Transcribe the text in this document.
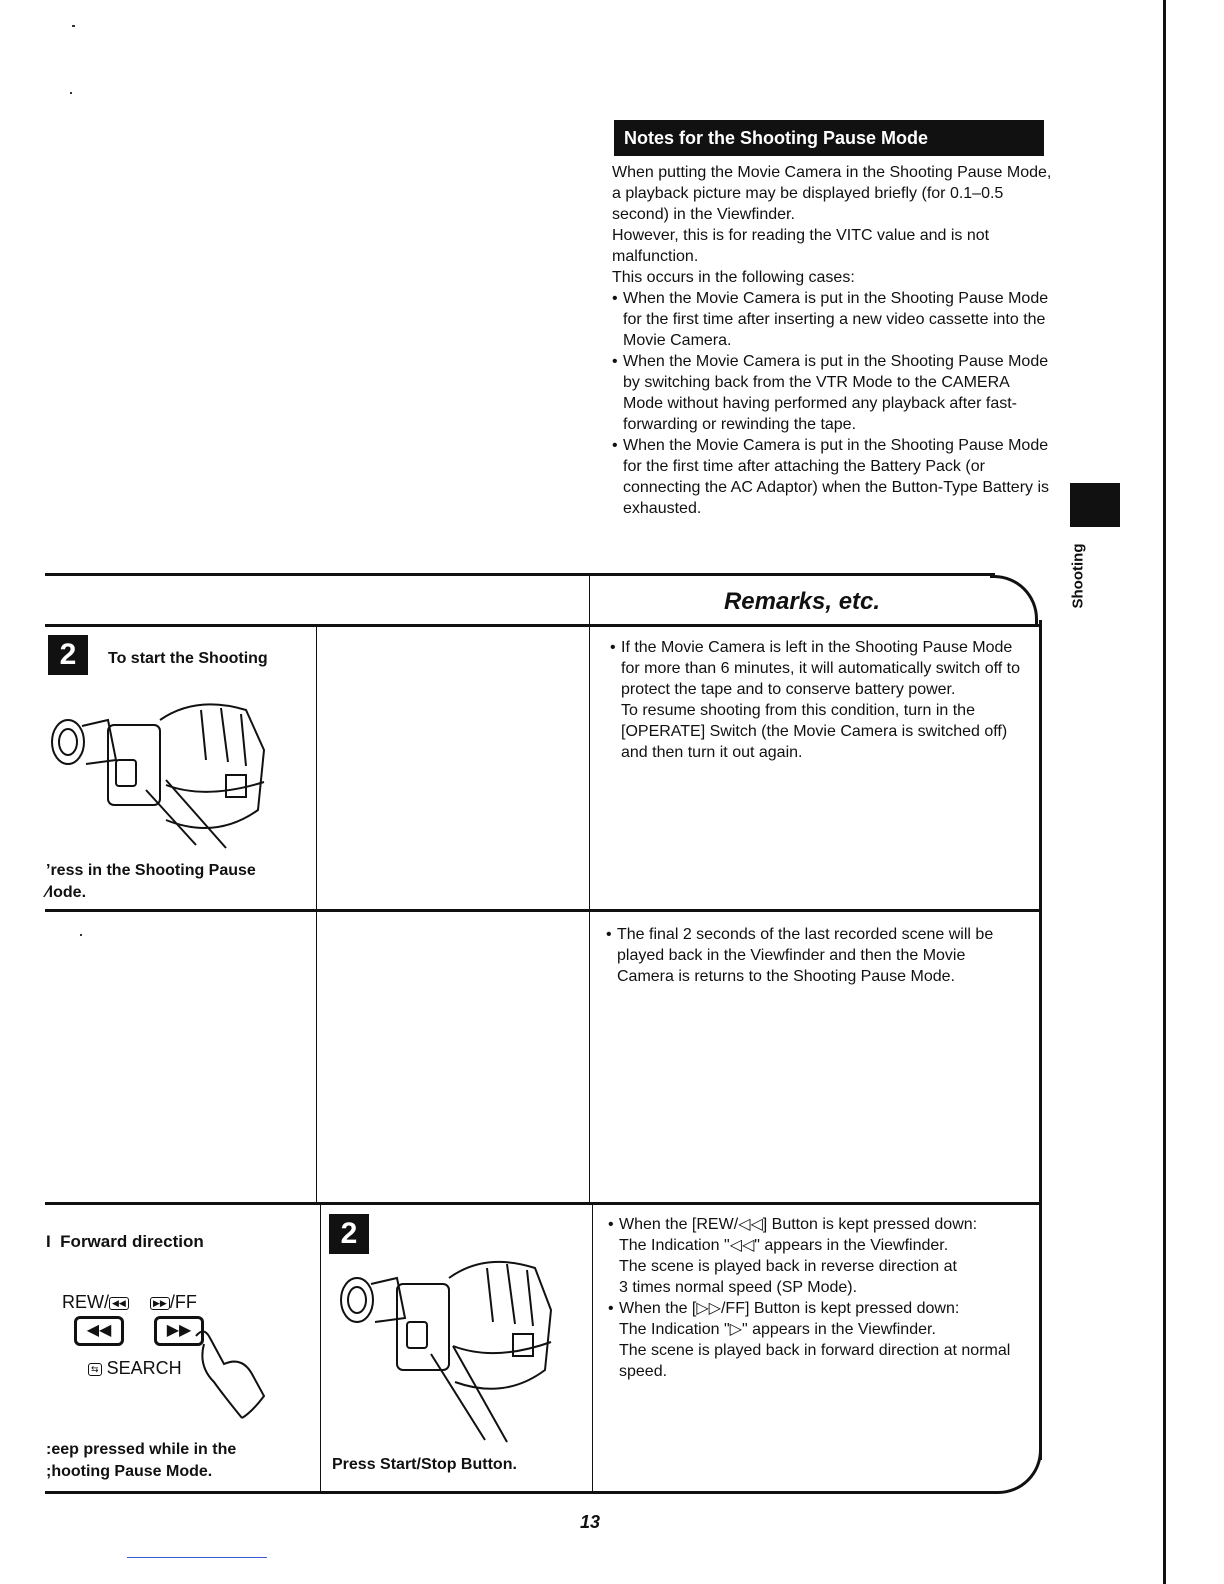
Notes for the Shooting Pause Mode

When putting the Movie Camera in the Shooting Pause Mode, a playback picture may be displayed briefly (for 0.1–0.5 second) in the Viewfinder.

However, this is for reading the VITC value and is not malfunction.

This occurs in the following cases:

• When the Movie Camera is put in the Shooting Pause Mode for the first time after inserting a new video cassette into the Movie Camera.
• When the Movie Camera is put in the Shooting Pause Mode by switching back from the VTR Mode to the CAMERA Mode without having performed any playback after fast-forwarding or rewinding the tape.
• When the Movie Camera is put in the Shooting Pause Mode for the first time after attaching the Battery Pack (or connecting the AC Adaptor) when the Button-Type Battery is exhausted.
Shooting
Remarks, etc.
2	To start the Shooting
’ress in the Shooting Pause
⁄lode.

• If the Movie Camera is left in the Shooting Pause Mode for more than 6 minutes, it will automatically switch off to protect the tape and to conserve battery power.

To resume shooting from this condition, turn in the [OPERATE] Switch (the Movie Camera is switched off) and then turn it out again.

• The final 2 seconds of the last recorded scene will be played back in the Viewfinder and then the Movie Camera is returns to the Shooting Pause Mode.

I  Forward direction
REW/ ◀◀	▶▶ /FF
◀◀	▶▶
⇆ SEARCH
:eep pressed while in the
;hooting Pause Mode.
2
Press Start/Stop Button.

• When the [REW/◁◁] Button is kept pressed down:

The Indication "◁◁" appears in the Viewfinder.

The scene is played back in reverse direction at

3 times normal speed (SP Mode).

• When the [▷▷/FF] Button is kept pressed down:

The Indication "▷" appears in the Viewfinder.

The scene is played back in forward direction at normal speed.

13
